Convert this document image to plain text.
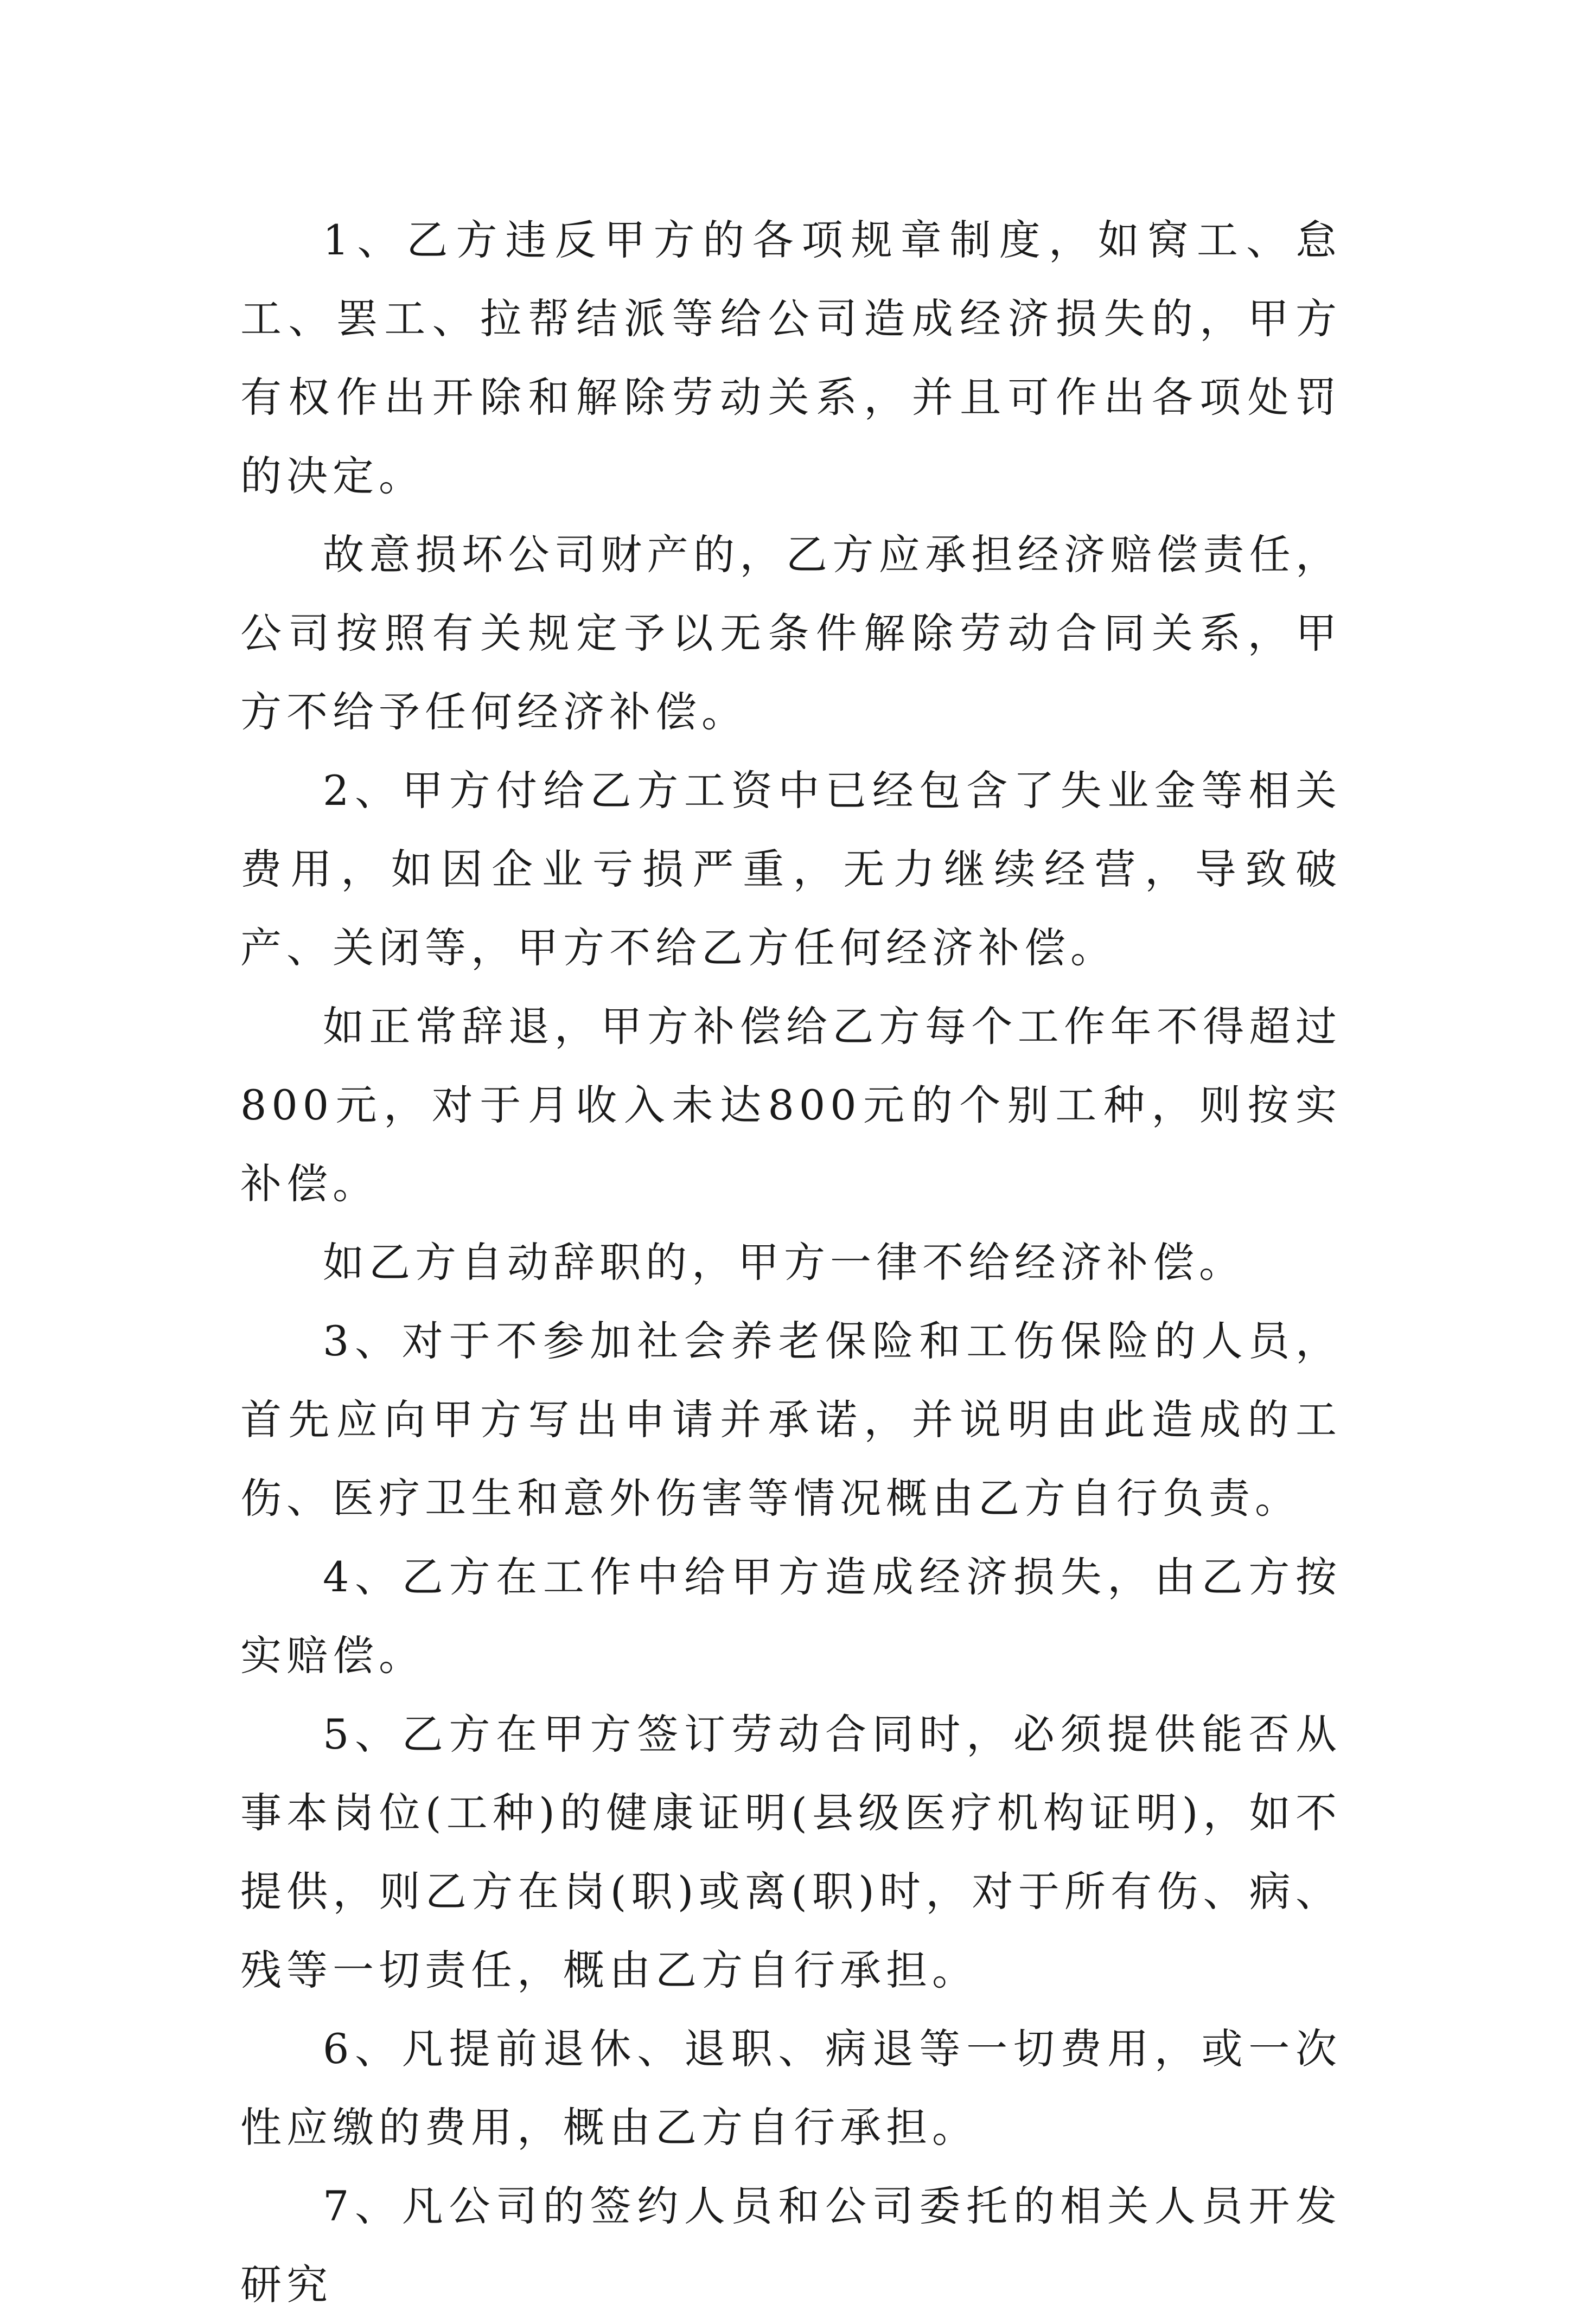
1、乙方违反甲方的各项规章制度，如窝工、怠工、罢工、拉帮结派等给公司造成经济损失的，甲方有权作出开除和解除劳动关系，并且可作出各项处罚的决定。

故意损坏公司财产的，乙方应承担经济赔偿责任，公司按照有关规定予以无条件解除劳动合同关系，甲方不给予任何经济补偿。

2、甲方付给乙方工资中已经包含了失业金等相关费用，如因企业亏损严重，无力继续经营，导致破产、关闭等，甲方不给乙方任何经济补偿。

如正常辞退，甲方补偿给乙方每个工作年不得超过800元，对于月收入未达800元的个别工种，则按实补偿。

如乙方自动辞职的，甲方一律不给经济补偿。

3、对于不参加社会养老保险和工伤保险的人员，首先应向甲方写出申请并承诺，并说明由此造成的工伤、医疗卫生和意外伤害等情况概由乙方自行负责。

4、乙方在工作中给甲方造成经济损失，由乙方按实赔偿。

5、乙方在甲方签订劳动合同时，必须提供能否从事本岗位(工种)的健康证明(县级医疗机构证明)，如不提供，则乙方在岗(职)或离(职)时，对于所有伤、病、残等一切责任，概由乙方自行承担。

6、凡提前退休、退职、病退等一切费用，或一次性应缴的费用，概由乙方自行承担。

7、凡公司的签约人员和公司委托的相关人员开发研究
